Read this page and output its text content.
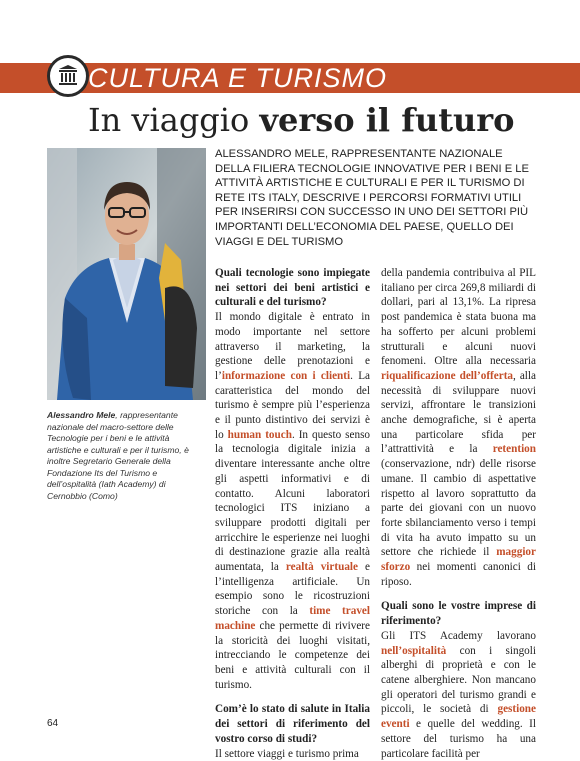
CULTURA E TURISMO
In viaggio verso il futuro
ALESSANDRO MELE, RAPPRESENTANTE NAZIONALE DELLA FILIERA TECNOLOGIE INNOVATIVE PER I BENI E LE ATTIVITÀ ARTISTICHE E CULTURALI E PER IL TURISMO DI RETE ITS ITALY, DESCRIVE I PERCORSI FORMATIVI UTILI PER INSERIRSI CON SUCCESSO IN UNO DEI SETTORI PIÙ IMPORTANTI DELL’ECONOMIA DEL PAESE, QUELLO DEI VIAGGI E DEL TURISMO
Alessandro Mele, rappresentante nazionale del macro-settore delle Tecnologie per i beni e le attività artistiche e culturali e per il turismo, è inoltre Segretario Generale della Fondazione Its del Turismo e dell’ospitalità (Iath Academy) di Cernobbio (Como)

Quali tecnologie sono impiegate nei settori dei beni artistici e culturali e del turismo?

Il mondo digitale è entrato in modo importante nel settore attraverso il marketing, la gestione delle prenotazioni e l’informazione con i clienti. La caratteristica del mondo del turismo è sempre più l’esperienza e il punto distintivo dei servizi è lo human touch. In questo senso la tecnologia digitale inizia a diventare interessante anche oltre gli aspetti informativi e di contatto. Alcuni laboratori tecnologici ITS iniziano a sviluppare prodotti digitali per arricchire le esperienze nei luoghi di destinazione grazie alla realtà aumentata, la realtà virtuale e l’intelligenza artificiale. Un esempio sono le ricostruzioni storiche con la time travel machine che permette di rivivere la storicità dei luoghi visitati, intrecciando le competenze dei beni e attività culturali con il turismo.

Com’è lo stato di salute in Italia dei settori di riferimento del vostro corso di studi?

Il settore viaggi e turismo prima

della pandemia contribuiva al PIL italiano per circa 269,8 miliardi di dollari, pari al 13,1%. La ripresa post pandemica è stata buona ma ha sofferto per alcuni problemi strutturali e alcuni nuovi fenomeni. Oltre alla necessaria riqualificazione dell’offerta, alla necessità di sviluppare nuovi servizi, affrontare le transizioni anche demografiche, si è aperta una particolare sfida per l’attrattività e la retention (conservazione, ndr) delle risorse umane. Il cambio di aspettative rispetto al lavoro soprattutto da parte dei giovani con un nuovo forte sbilanciamento verso i tempi di vita ha avuto impatto su un settore che richiede il maggior sforzo nei momenti canonici di riposo.

Quali sono le vostre imprese di riferimento?

Gli ITS Academy lavorano nell’ospitalità con i singoli alberghi di proprietà e con le catene alberghiere. Non mancano gli operatori del turismo grandi e piccoli, le società di gestione eventi e quelle del wedding. Il settore del turismo ha una particolare facilità per

64
